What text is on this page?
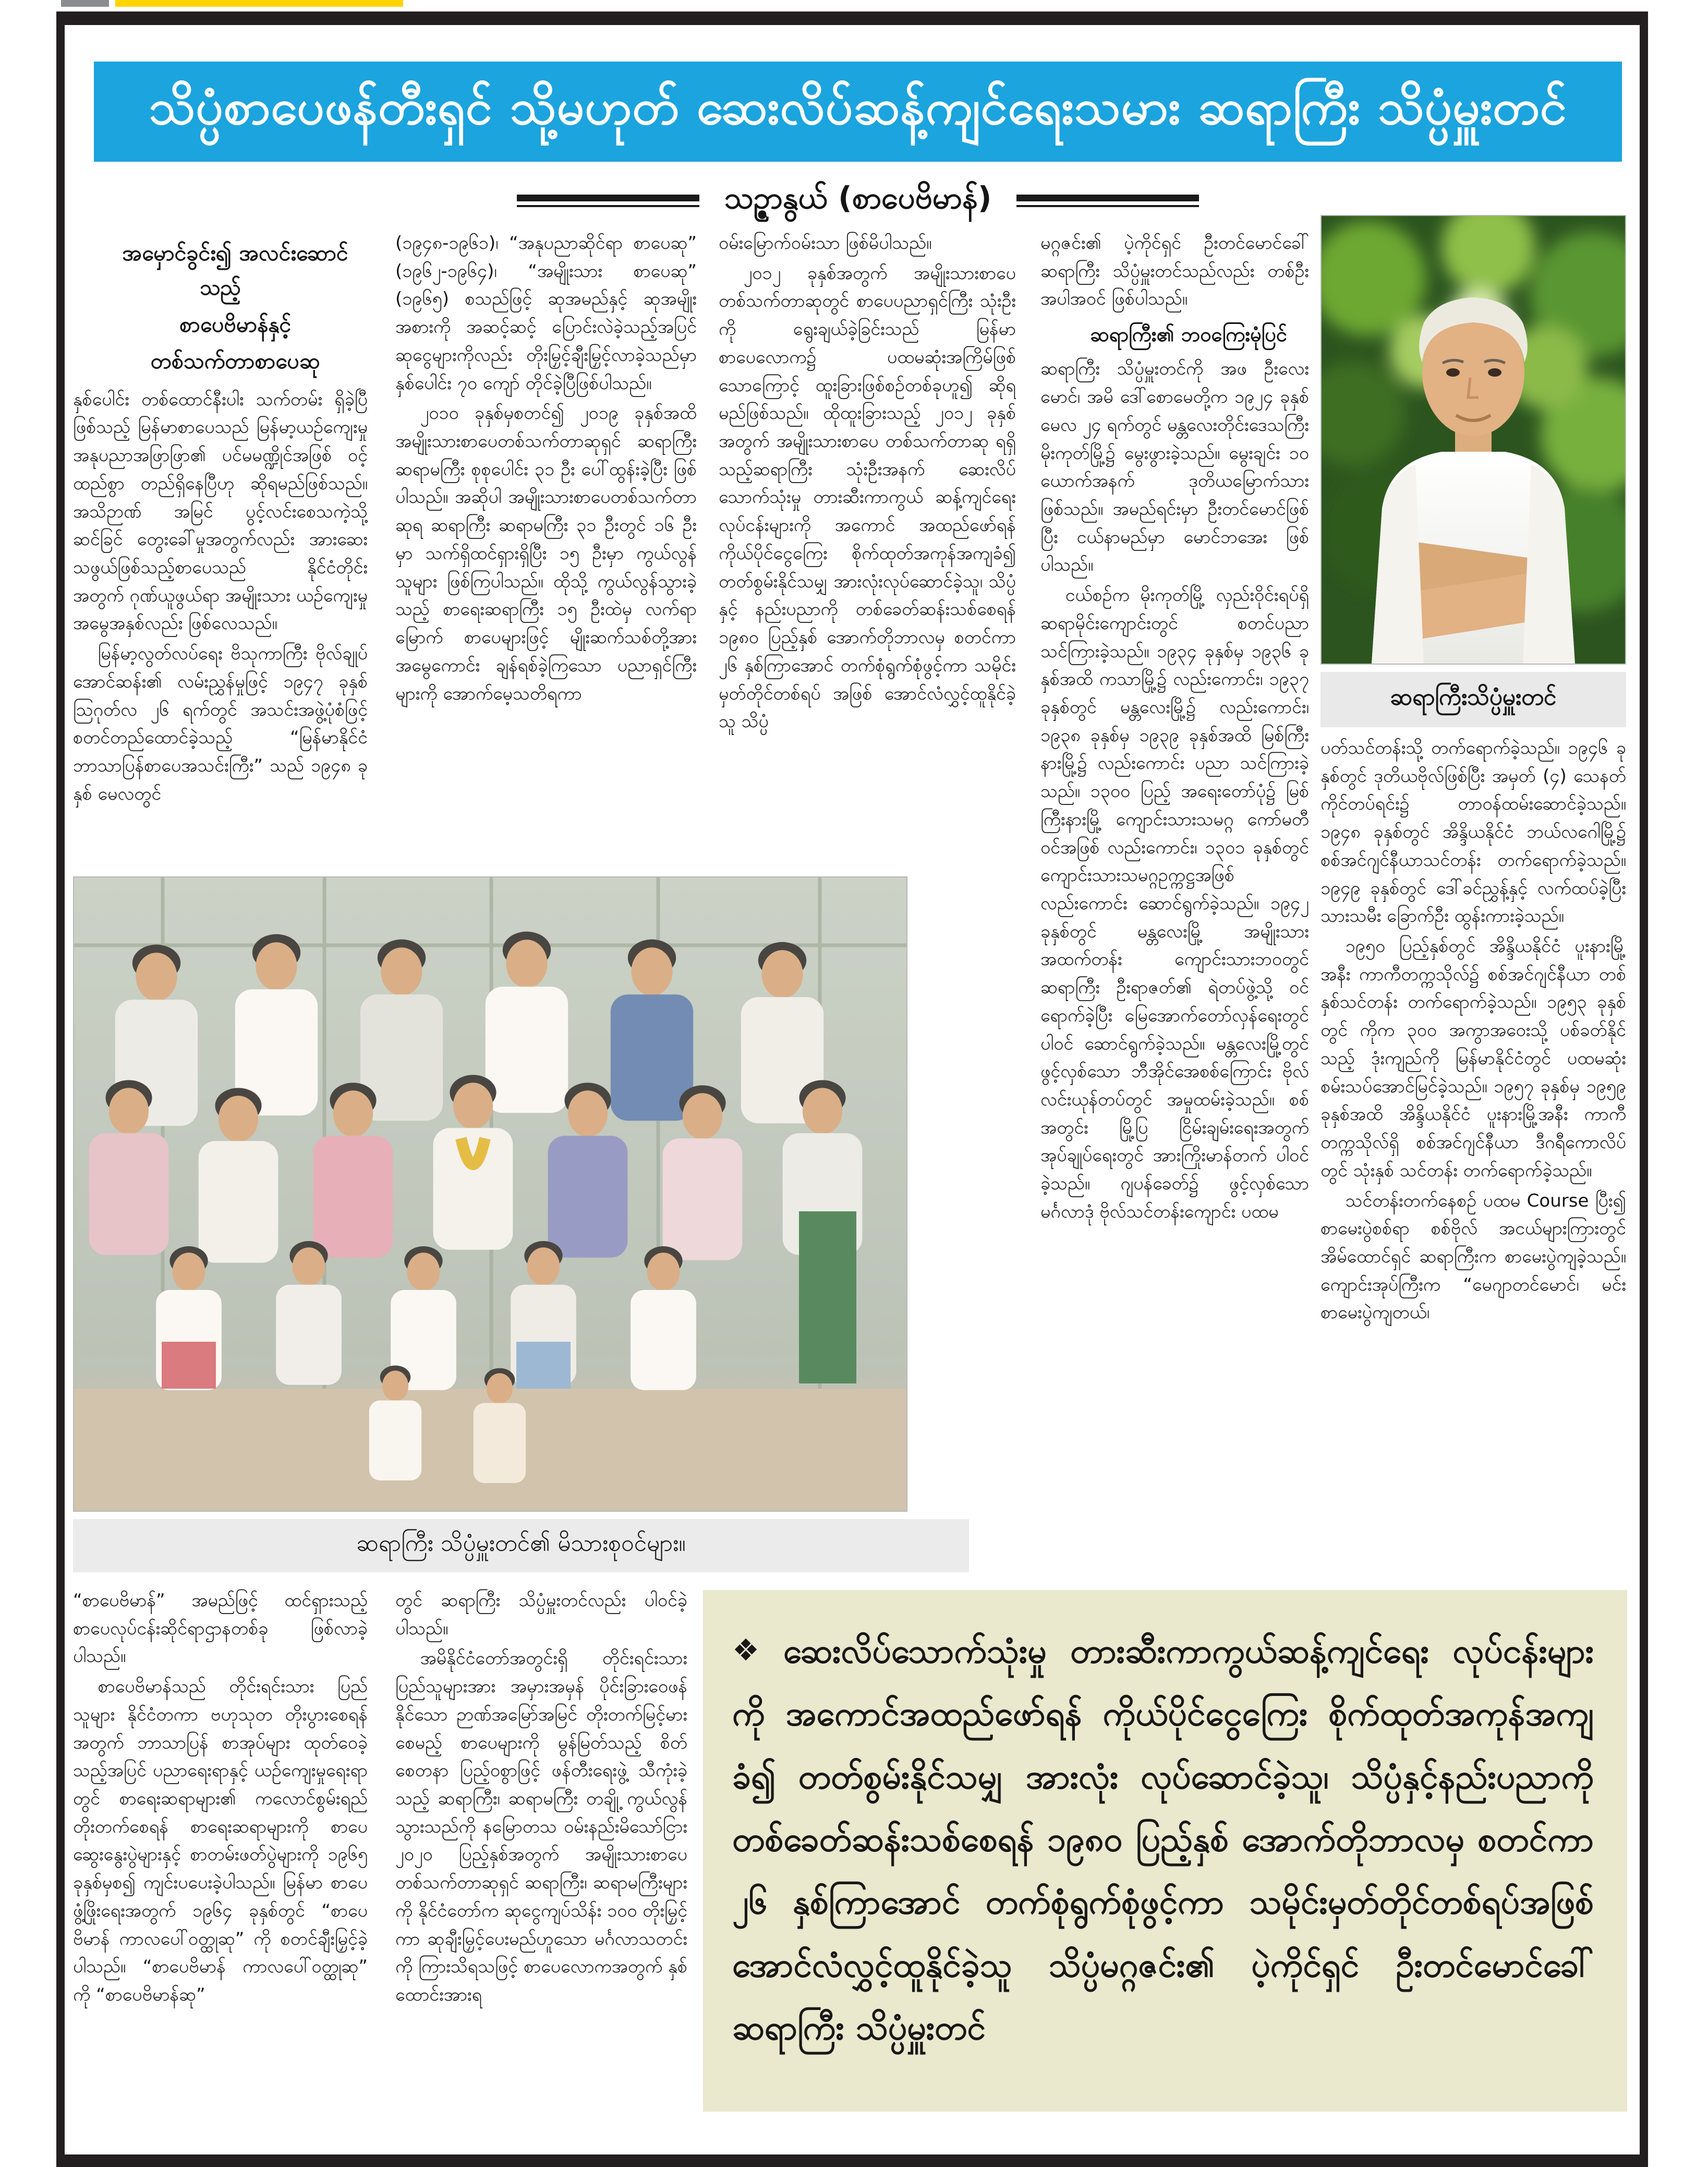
သိပ္ပံစာပေဖန်တီးရှင် သို့မဟုတ် ဆေးလိပ်ဆန့်ကျင်ရေးသမား ဆရာကြီး သိပ္ပံမှူးတင်
သဉ္ဇာနွယ် (စာပေဗိမာန်)

အမှောင်ခွင်း၍ အလင်းဆောင်သည့်

စာပေဗိမာန်နှင့်

တစ်သက်တာစာပေဆု

နှစ်ပေါင်း တစ်ထောင်နီးပါး သက်တမ်း ရှိခဲ့ပြီဖြစ်သည့် မြန်မာစာပေသည် မြန်မာ့ယဉ်ကျေးမှု အနုပညာအဖြာဖြာ၏ ပင်မမဏ္ဍိုင်အဖြစ် ဝင့်ထည်စွာ တည်ရှိနေပြီဟု ဆိုရမည်ဖြစ်သည်။ အသိဉာဏ် အမြင် ပွင့်လင်းစေသကဲ့သို့ ဆင်ခြင် တွေးခေါ်မှုအတွက်လည်း အားဆေး သဖွယ်ဖြစ်သည့်စာပေသည် နိုင်ငံတိုင်း အတွက် ဂုဏ်ယူဖွယ်ရာ အမျိုးသား ယဉ်ကျေးမှုအမွေအနှစ်လည်း ဖြစ်လေသည်။

မြန်မာ့လွတ်လပ်ရေး ဗိသုကာကြီး ဗိုလ်ချုပ်အောင်ဆန်း၏ လမ်းညွှန်မှုဖြင့် ၁၉၄၇ ခုနှစ် ဩဂုတ်လ ၂၆ ရက်တွင် အသင်းအဖွဲ့ပုံစံဖြင့် စတင်တည်ထောင်ခဲ့သည့် “မြန်မာနိုင်ငံ ဘာသာပြန်စာပေအသင်းကြီး” သည် ၁၉၄၈ ခုနှစ် မေလတွင်

(၁၉၄၈-၁၉၆၁)၊ “အနုပညာဆိုင်ရာ စာပေဆု” (၁၉၆၂-၁၉၆၄)၊ “အမျိုးသား စာပေဆု” (၁၉၆၅) စသည်ဖြင့် ဆုအမည်နှင့် ဆုအမျိုးအစားကို အဆင့်ဆင့် ပြောင်းလဲခဲ့သည့်အပြင် ဆုငွေများကိုလည်း တိုးမြှင့်ချီးမြှင့်လာခဲ့သည်မှာ နှစ်ပေါင်း ၇၀ ကျော် တိုင်ခဲ့ပြီဖြစ်ပါသည်။

၂၀၁၀ ခုနှစ်မှစတင်၍ ၂၀၁၉ ခုနှစ်အထိ အမျိုးသားစာပေတစ်သက်တာဆုရှင် ဆရာကြီး ဆရာမကြီး စုစုပေါင်း ၃၁ ဦး ပေါ်ထွန်းခဲ့ပြီး ဖြစ်ပါသည်။ အဆိုပါ အမျိုးသားစာပေတစ်သက်တာဆုရ ဆရာကြီး ဆရာမကြီး ၃၁ ဦးတွင် ၁၆ ဦးမှာ သက်ရှိထင်ရှားရှိပြီး ၁၅ ဦးမှာ ကွယ်လွန်သူများ ဖြစ်ကြပါသည်။ ထိုသို့ ကွယ်လွန်သွားခဲ့သည့် စာရေးဆရာကြီး ၁၅ ဦးထဲမှ လက်ရာမြောက် စာပေများဖြင့် မျိုးဆက်သစ်တို့အား အမွေကောင်း ချန်ရစ်ခဲ့ကြသော ပညာရှင်ကြီးများကို အောက်မေ့သတိရကာ

ဝမ်းမြောက်ဝမ်းသာ ဖြစ်မိပါသည်။

၂၀၁၂ ခုနှစ်အတွက် အမျိုးသားစာပေ တစ်သက်တာဆုတွင် စာပေပညာရှင်ကြီး သုံးဦးကို ရွေးချယ်ခဲ့ခြင်းသည် မြန်မာ စာပေလောက၌ ပထမဆုံးအကြိမ်ဖြစ်သောကြောင့် ထူးခြားဖြစ်စဉ်တစ်ခုဟူ၍ ဆိုရမည်ဖြစ်သည်။ ထိုထူးခြားသည့် ၂၀၁၂ ခုနှစ်အတွက် အမျိုးသားစာပေ တစ်သက်တာဆု ရရှိသည့်ဆရာကြီး သုံးဦးအနက် ဆေးလိပ် သောက်သုံးမှု တားဆီးကာကွယ် ဆန့်ကျင်ရေးလုပ်ငန်းများကို အကောင် အထည်ဖော်ရန် ကိုယ်ပိုင်ငွေကြေး စိုက်ထုတ်အကုန်အကျခံ၍ တတ်စွမ်းနိုင်သမျှ အားလုံးလုပ်ဆောင်ခဲ့သူ၊ သိပ္ပံနှင့် နည်းပညာကို တစ်ခေတ်ဆန်းသစ်စေရန် ၁၉၈၀ ပြည့်နှစ် အောက်တိုဘာလမှ စတင်ကာ ၂၆ နှစ်ကြာအောင် တက်စုံရွက်စုံဖွင့်ကာ သမိုင်းမှတ်တိုင်တစ်ရပ် အဖြစ် အောင်လံလွှင့်ထူနိုင်ခဲ့သူ သိပ္ပံ

မဂ္ဂဇင်း၏ ပဲ့ကိုင်ရှင် ဦးတင်မောင်ခေါ် ဆရာကြီး သိပ္ပံမှူးတင်သည်လည်း တစ်ဦးအပါအဝင် ဖြစ်ပါသည်။

ဆရာကြီး၏ ဘဝကြေးမုံပြင်

ဆရာကြီး သိပ္ပံမှူးတင်ကို အဖ ဦးလေးမောင်၊ အမိ ဒေါ်စောမေတို့က ၁၉၂၄ ခုနှစ် မေလ ၂၄ ရက်တွင် မန္တလေးတိုင်းဒေသကြီး မိုးကုတ်မြို့၌ မွေးဖွားခဲ့သည်။ မွေးချင်း ၁၀ ယောက်အနက် ဒုတိယမြောက်သား ဖြစ်သည်။ အမည်ရင်းမှာ ဦးတင်မောင်ဖြစ်ပြီး ငယ်နာမည်မှာ မောင်ဘအေး ဖြစ်ပါသည်။

ငယ်စဉ်က မိုးကုတ်မြို့ လှည်းဝိုင်းရပ်ရှိ ဆရာမိုင်းကျောင်းတွင် စတင်ပညာ သင်ကြားခဲ့သည်။ ၁၉၃၄ ခုနှစ်မှ ၁၉၃၆ ခုနှစ်အထိ ကသာမြို့၌ လည်းကောင်း၊ ၁၉၃၇ ခုနှစ်တွင် မန္တလေးမြို့၌ လည်းကောင်း၊ ၁၉၃၈ ခုနှစ်မှ ၁၉၃၉ ခုနှစ်အထိ မြစ်ကြီးနားမြို့၌ လည်းကောင်း ပညာ သင်ကြားခဲ့သည်။ ၁၃၀၀ ပြည့် အရေးတော်ပုံ၌ မြစ်ကြီးနားမြို့ ကျောင်းသားသမဂ္ဂ ကော်မတီဝင်အဖြစ် လည်းကောင်း၊ ၁၃၀၁ ခုနှစ်တွင် ကျောင်းသားသမဂ္ဂဥက္ကဋ္ဌအဖြစ် လည်းကောင်း ဆောင်ရွက်ခဲ့သည်။ ၁၉၄၂ ခုနှစ်တွင် မန္တလေးမြို့ အမျိုးသားအထက်တန်း ကျောင်းသားဘဝတွင် ဆရာကြီး ဦးရာဇတ်၏ ရဲတပ်ဖွဲ့သို့ ဝင်ရောက်ခဲ့ပြီး မြေအောက်တော်လှန်ရေးတွင် ပါဝင် ဆောင်ရွက်ခဲ့သည်။ မန္တလေးမြို့တွင် ဖွင့်လှစ်သော ဘီအိုင်အေစစ်ကြောင်း ဗိုလ်လင်းယုန်တပ်တွင် အမှုထမ်းခဲ့သည်။ စစ်အတွင်း မြို့ပြ ငြိမ်းချမ်းရေးအတွက် အုပ်ချုပ်ရေးတွင် အားကြိုးမာန်တက် ပါဝင်ခဲ့သည်။ ဂျပန်ခေတ်၌ ဖွင့်လှစ်သော မင်္ဂလာဒုံ ဗိုလ်သင်တန်းကျောင်း ပထမ

ဆရာကြီးသိပ္ပံမှူးတင်

ပတ်သင်တန်းသို့ တက်ရောက်ခဲ့သည်။ ၁၉၄၆ ခုနှစ်တွင် ဒုတိယဗိုလ်ဖြစ်ပြီး အမှတ် (၄) သေနတ်ကိုင်တပ်ရင်း၌ တာဝန်ထမ်းဆောင်ခဲ့သည်။ ၁၉၄၈ ခုနှစ်တွင် အိန္ဒိယနိုင်ငံ ဘယ်လဂေါမြို့၌ စစ်အင်ဂျင်နီယာသင်တန်း တက်ရောက်ခဲ့သည်။ ၁၉၄၉ ခုနှစ်တွင် ဒေါ်ခင်ညွှန့်နှင့် လက်ထပ်ခဲ့ပြီး သားသမီး ခြောက်ဦး ထွန်းကားခဲ့သည်။

၁၉၅၀ ပြည့်နှစ်တွင် အိန္ဒိယနိုင်ငံ ပူးနားမြို့အနီး ကာကီတက္ကသိုလ်၌ စစ်အင်ဂျင်နီယာ တစ်နှစ်သင်တန်း တက်ရောက်ခဲ့သည်။ ၁၉၅၃ ခုနှစ်တွင် ကိုက ၃၀၀ အကွာအဝေးသို့ ပစ်ခတ်နိုင်သည့် ဒုံးကျည်ကို မြန်မာနိုင်ငံတွင် ပထမဆုံး စမ်းသပ်အောင်မြင်ခဲ့သည်။ ၁၉၅၇ ခုနှစ်မှ ၁၉၅၉ ခုနှစ်အထိ အိန္ဒိယနိုင်ငံ ပူးနားမြို့အနီး ကာကီတက္ကသိုလ်ရှိ စစ်အင်ဂျင်နီယာ ဒီဂရီကောလိပ်တွင် သုံးနှစ် သင်တန်း တက်ရောက်ခဲ့သည်။

သင်တန်းတက်နေစဉ် ပထမ Course ပြီး၍ စာမေးပွဲစစ်ရာ စစ်ဗိုလ် အငယ်များကြားတွင် အိမ်ထောင်ရှင် ဆရာကြီးက စာမေးပွဲကျခဲ့သည်။ ကျောင်းအုပ်ကြီးက “မေဂျာတင်မောင်၊ မင်း စာမေးပွဲကျတယ်၊

ဆရာကြီး သိပ္ပံမှူးတင်၏ မိသားစုဝင်များ။

“စာပေဗိမာန်” အမည်ဖြင့် ထင်ရှားသည့် စာပေလုပ်ငန်းဆိုင်ရာဌာနတစ်ခု ဖြစ်လာခဲ့ပါသည်။

စာပေဗိမာန်သည် တိုင်းရင်းသား ပြည်သူများ နိုင်ငံတကာ ဗဟုသုတ တိုးပွားစေရန်အတွက် ဘာသာပြန် စာအုပ်များ ထုတ်ဝေခဲ့သည့်အပြင် ပညာရေးရာနှင့် ယဉ်ကျေးမှုရေးရာတွင် စာရေးဆရာများ၏ ကလောင်စွမ်းရည် တိုးတက်စေရန် စာရေးဆရာများကို စာပေဆွေးနွေးပွဲများနှင့် စာတမ်းဖတ်ပွဲများကို ၁၉၆၅ ခုနှစ်မှစ၍ ကျင်းပပေးခဲ့ပါသည်။ မြန်မာ စာပေဖွံ့ဖြိုးရေးအတွက် ၁၉၆၄ ခုနှစ်တွင် “စာပေဗိမာန် ကာလပေါ်ဝတ္ထုဆု” ကို စတင်ချီးမြှင့်ခဲ့ပါသည်။ “စာပေဗိမာန် ကာလပေါ်ဝတ္ထုဆု” ကို “စာပေဗိမာန်ဆု”

တွင် ဆရာကြီး သိပ္ပံမှူးတင်လည်း ပါဝင်ခဲ့ပါသည်။

အမိနိုင်ငံတော်အတွင်းရှိ တိုင်းရင်းသားပြည်သူများအား အမှားအမှန် ပိုင်းခြားဝေဖန်နိုင်သော ဉာဏ်အမြော်အမြင် တိုးတက်မြင့်မားစေမည့် စာပေများကို မွန်မြတ်သည့် စိတ်စေတနာ ပြည့်ဝစွာဖြင့် ဖန်တီးရေးဖွဲ့ သီကုံးခဲ့သည့် ဆရာကြီး၊ ဆရာမကြီး တချို့ ကွယ်လွန်သွားသည်ကို နမြောတသ ဝမ်းနည်းမိသော်ငြား ၂၀၂၀ ပြည့်နှစ်အတွက် အမျိုးသားစာပေတစ်သက်တာဆုရှင် ဆရာကြီး၊ ဆရာမကြီးများကို နိုင်ငံတော်က ဆုငွေကျပ်သိန်း ၁၀၀ တိုးမြှင့်ကာ ဆုချီးမြှင့်ပေးမည်ဟူသော မင်္ဂလာသတင်းကို ကြားသိရသဖြင့် စာပေလောကအတွက် နှစ်ထောင်းအားရ

❖ ဆေးလိပ်သောက်သုံးမှု တားဆီးကာကွယ်ဆန့်ကျင်ရေး လုပ်ငန်းများကို အကောင်အထည်ဖော်ရန် ကိုယ်ပိုင်ငွေကြေး စိုက်ထုတ်အကုန်အကျခံ၍ တတ်စွမ်းနိုင်သမျှ အားလုံး လုပ်ဆောင်ခဲ့သူ၊ သိပ္ပံနှင့်နည်းပညာကို တစ်ခေတ်ဆန်းသစ်စေရန် ၁၉၈၀ ပြည့်နှစ် အောက်တိုဘာလမှ စတင်ကာ ၂၆ နှစ်ကြာအောင် တက်စုံရွက်စုံဖွင့်ကာ သမိုင်းမှတ်တိုင်တစ်ရပ်အဖြစ် အောင်လံလွှင့်ထူနိုင်ခဲ့သူ သိပ္ပံမဂ္ဂဇင်း၏ ပဲ့ကိုင်ရှင် ဦးတင်မောင်ခေါ် ဆရာကြီး သိပ္ပံမှူးတင်
